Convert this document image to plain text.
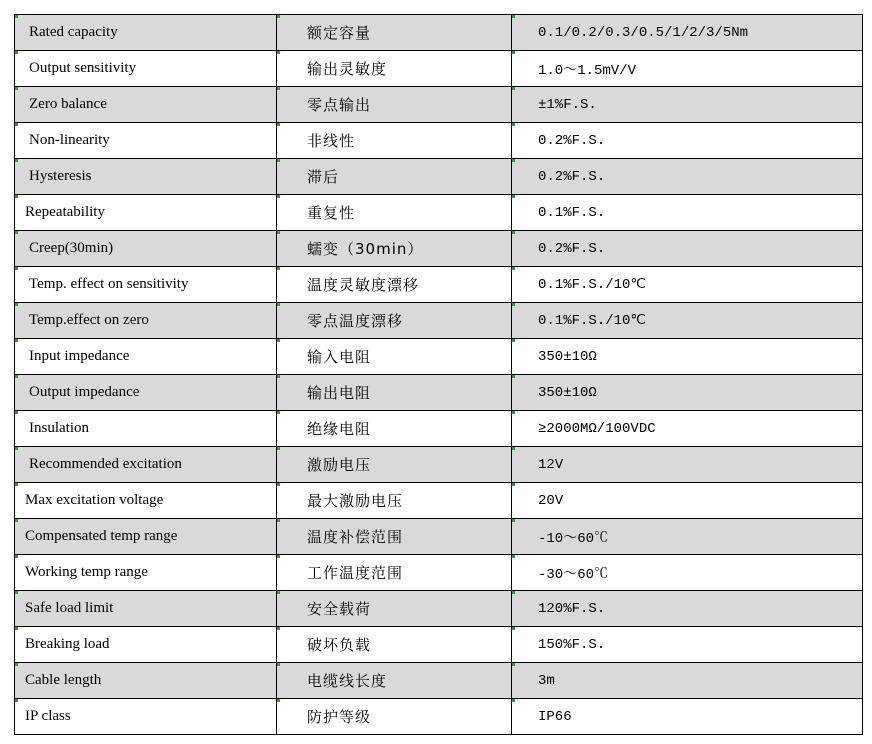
Rated capacity	额定容量	0.1/0.2/0.3/0.5/1/2/3/5Nm
Output sensitivity	输出灵敏度	1.0～1.5mV/V
Zero balance	零点输出	±1%F.S.
Non-linearity	非线性	0.2%F.S.
Hysteresis	滞后	0.2%F.S.
Repeatability	重复性	0.1%F.S.
Creep(30min)	蠕变（30min）	0.2%F.S.
Temp. effect on sensitivity	温度灵敏度漂移	0.1%F.S./10℃
Temp.effect on zero	零点温度漂移	0.1%F.S./10℃
Input impedance	输入电阻	350±10Ω
Output impedance	输出电阻	350±10Ω
Insulation	绝缘电阻	≥2000MΩ/100VDC
Recommended excitation	激励电压	12V
Max excitation voltage	最大激励电压	20V
Compensated temp range	温度补偿范围	-10～60℃
Working temp range	工作温度范围	-30～60℃
Safe load limit	安全载荷	120%F.S.
Breaking load	破坏负载	150%F.S.
Cable length	电缆线长度	3m
IP class	防护等级	IP66
